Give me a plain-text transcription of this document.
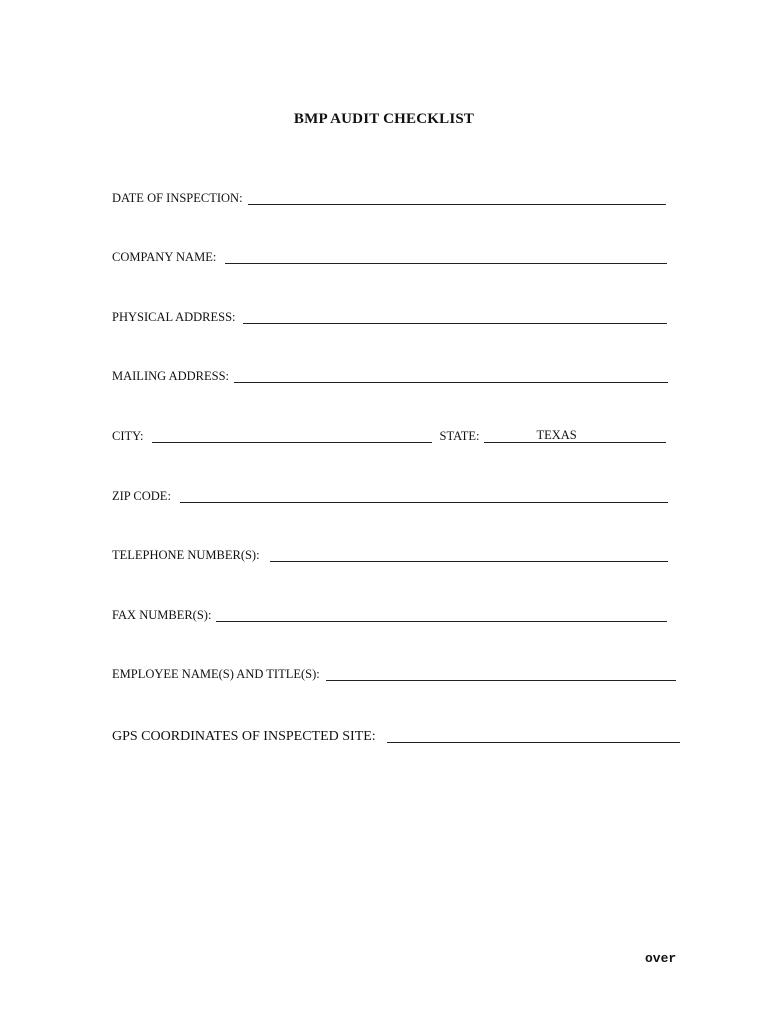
BMP AUDIT CHECKLIST
DATE OF INSPECTION:
COMPANY NAME:
PHYSICAL ADDRESS:
MAILING ADDRESS:
CITY:	STATE:	TEXAS
ZIP CODE:
TELEPHONE NUMBER(S):
FAX NUMBER(S):
EMPLOYEE NAME(S) AND TITLE(S):
GPS COORDINATES OF INSPECTED SITE:
over
